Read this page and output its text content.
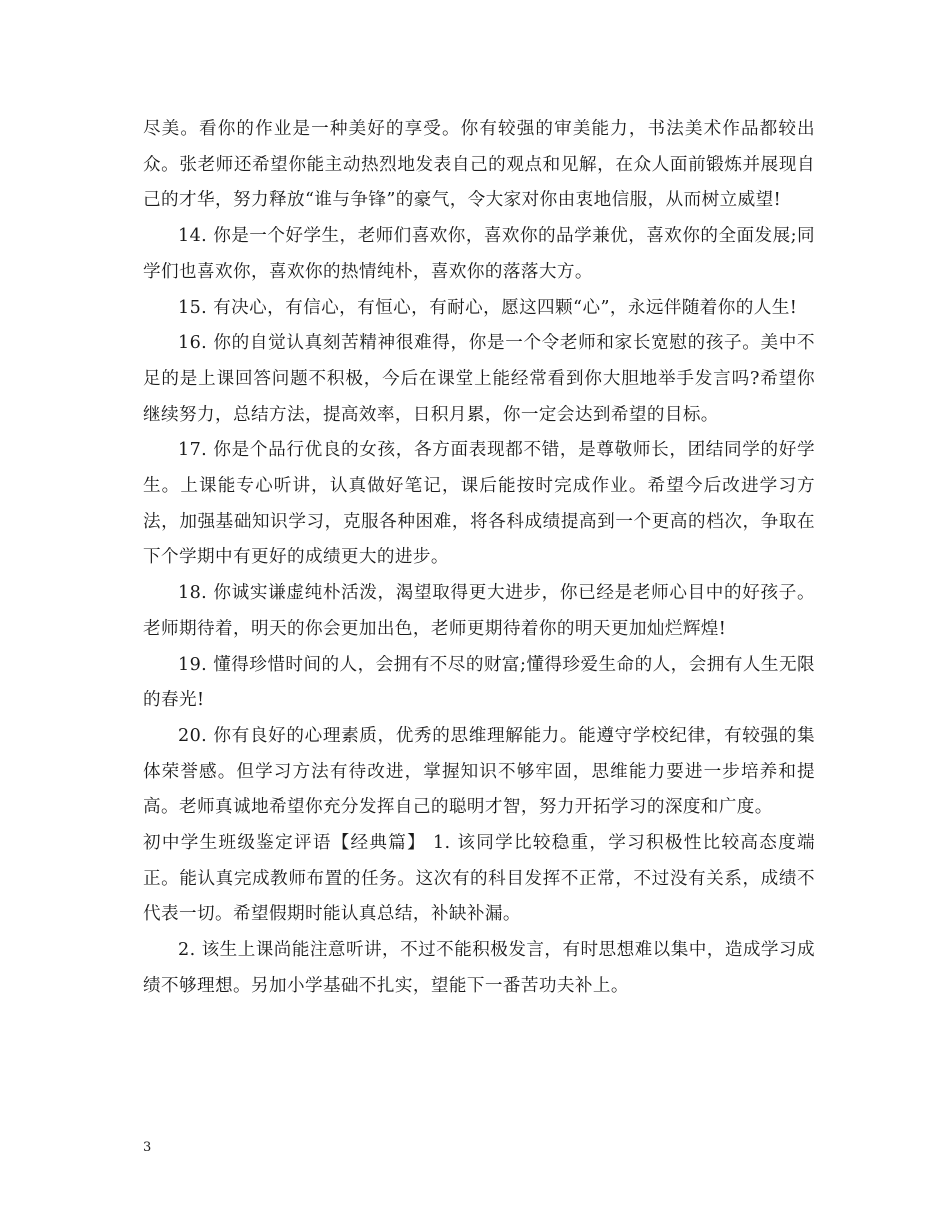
尽美。看你的作业是一种美好的享受。你有较强的审美能力，书法美术作品都较出众。张老师还希望你能主动热烈地发表自己的观点和见解，在众人面前锻炼并展现自己的才华，努力释放“谁与争锋”的豪气，令大家对你由衷地信服，从而树立威望!

14. 你是一个好学生，老师们喜欢你，喜欢你的品学兼优，喜欢你的全面发展;同学们也喜欢你，喜欢你的热情纯朴，喜欢你的落落大方。

15. 有决心，有信心，有恒心，有耐心，愿这四颗“心”，永远伴随着你的人生!

16. 你的自觉认真刻苦精神很难得，你是一个令老师和家长宽慰的孩子。美中不足的是上课回答问题不积极，今后在课堂上能经常看到你大胆地举手发言吗?希望你继续努力，总结方法，提高效率，日积月累，你一定会达到希望的目标。

17. 你是个品行优良的女孩，各方面表现都不错，是尊敬师长，团结同学的好学生。上课能专心听讲，认真做好笔记，课后能按时完成作业。希望今后改进学习方法，加强基础知识学习，克服各种困难，将各科成绩提高到一个更高的档次，争取在下个学期中有更好的成绩更大的进步。

18. 你诚实谦虚纯朴活泼，渴望取得更大进步，你已经是老师心目中的好孩子。老师期待着，明天的你会更加出色，老师更期待着你的明天更加灿烂辉煌!

19. 懂得珍惜时间的人，会拥有不尽的财富;懂得珍爱生命的人，会拥有人生无限的春光!

20. 你有良好的心理素质，优秀的思维理解能力。能遵守学校纪律，有较强的集体荣誉感。但学习方法有待改进，掌握知识不够牢固，思维能力要进一步培养和提高。老师真诚地希望你充分发挥自己的聪明才智，努力开拓学习的深度和广度。

初中学生班级鉴定评语【经典篇】 1. 该同学比较稳重，学习积极性比较高态度端正。能认真完成教师布置的任务。这次有的科目发挥不正常，不过没有关系，成绩不代表一切。希望假期时能认真总结，补缺补漏。

2. 该生上课尚能注意听讲，不过不能积极发言，有时思想难以集中，造成学习成绩不够理想。另加小学基础不扎实，望能下一番苦功夫补上。

3
